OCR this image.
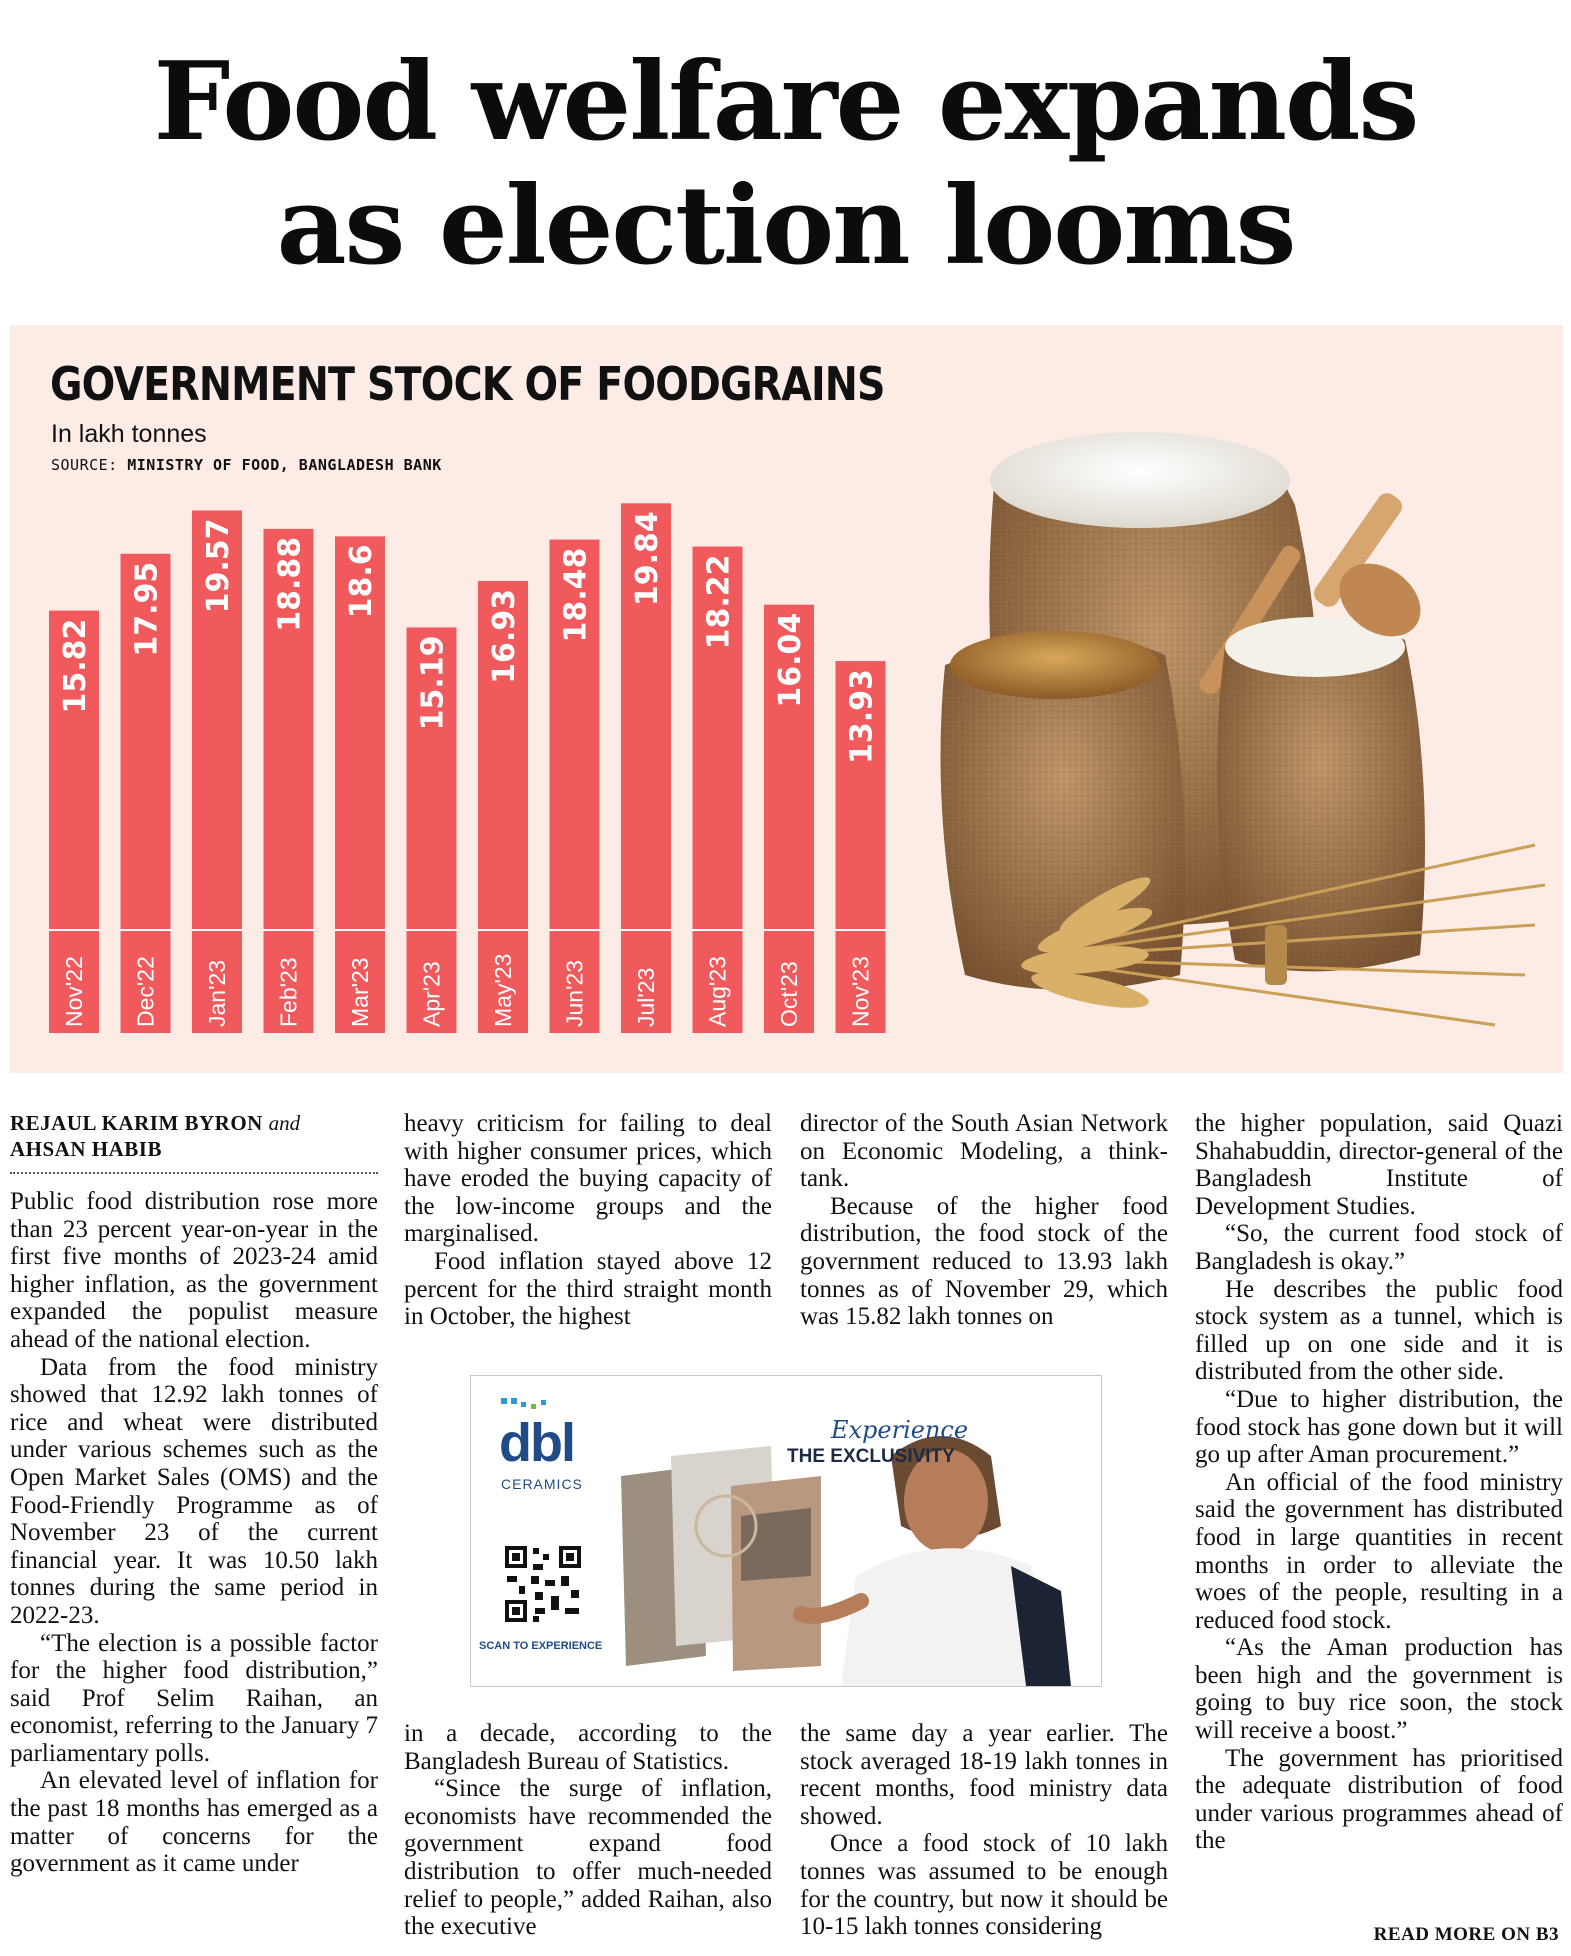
Food welfare expands
as election looms
15.82
Nov'22
17.95
Dec'22
19.57
Jan'23
18.88
Feb'23
18.6
Mar'23
15.19
Apr'23
16.93
May'23
18.48
Jun'23
19.84
Jul'23
18.22
Aug'23
16.04
Oct'23
13.93
Nov'23
GOVERNMENT STOCK OF FOODGRAINS
In lakh tonnes
SOURCE: MINISTRY OF FOOD, BANGLADESH BANK
REJAUL KARIM BYRON and
AHSAN HABIB

Public food distribution rose more than 23 percent year-on-year in the first five months of 2023-24 amid higher inflation, as the government expanded the populist measure ahead of the national election.

Data from the food ministry showed that 12.92 lakh tonnes of rice and wheat were distributed under various schemes such as the Open Market Sales (OMS) and the Food-Friendly Programme as of November 23 of the current financial year. It was 10.50 lakh tonnes during the same period in 2022-23.

“The election is a possible factor for the higher food distribution,” said Prof Selim Raihan, an economist, referring to the January 7 parliamentary polls.

An elevated level of inflation for the past 18 months has emerged as a matter of concerns for the government as it came under

heavy criticism for failing to deal with higher consumer prices, which have eroded the buying capacity of the low-income groups and the marginalised.

Food inflation stayed above 12 percent for the third straight month in October, the highest

in a decade, according to the Bangladesh Bureau of Statistics.

“Since the surge of inflation, economists have recommended the government expand food distribution to offer much-needed relief to people,” added Raihan, also the executive

director of the South Asian Network on Economic Modeling, a think-tank.

Because of the higher food distribution, the food stock of the government reduced to 13.93 lakh tonnes as of November 29, which was 15.82 lakh tonnes on

the same day a year earlier. The stock averaged 18-19 lakh tonnes in recent months, food ministry data showed.

Once a food stock of 10 lakh tonnes was assumed to be enough for the country, but now it should be 10-15 lakh tonnes considering

the higher population, said Quazi Shahabuddin, director-general of the Bangladesh Institute of Development Studies.

“So, the current food stock of Bangladesh is okay.”

He describes the public food stock system as a tunnel, which is filled up on one side and it is distributed from the other side.

“Due to higher distribution, the food stock has gone down but it will go up after Aman procurement.”

An official of the food ministry said the government has distributed food in large quantities in recent months in order to alleviate the woes of the people, resulting in a reduced food stock.

“As the Aman production has been high and the government is going to buy rice soon, the stock will receive a boost.”

The government has prioritised the adequate distribution of food under various programmes ahead of the

READ MORE ON B3
dbl
CERAMICS
Experience
THE EXCLUSIVITY
SCAN TO EXPERIENCE
